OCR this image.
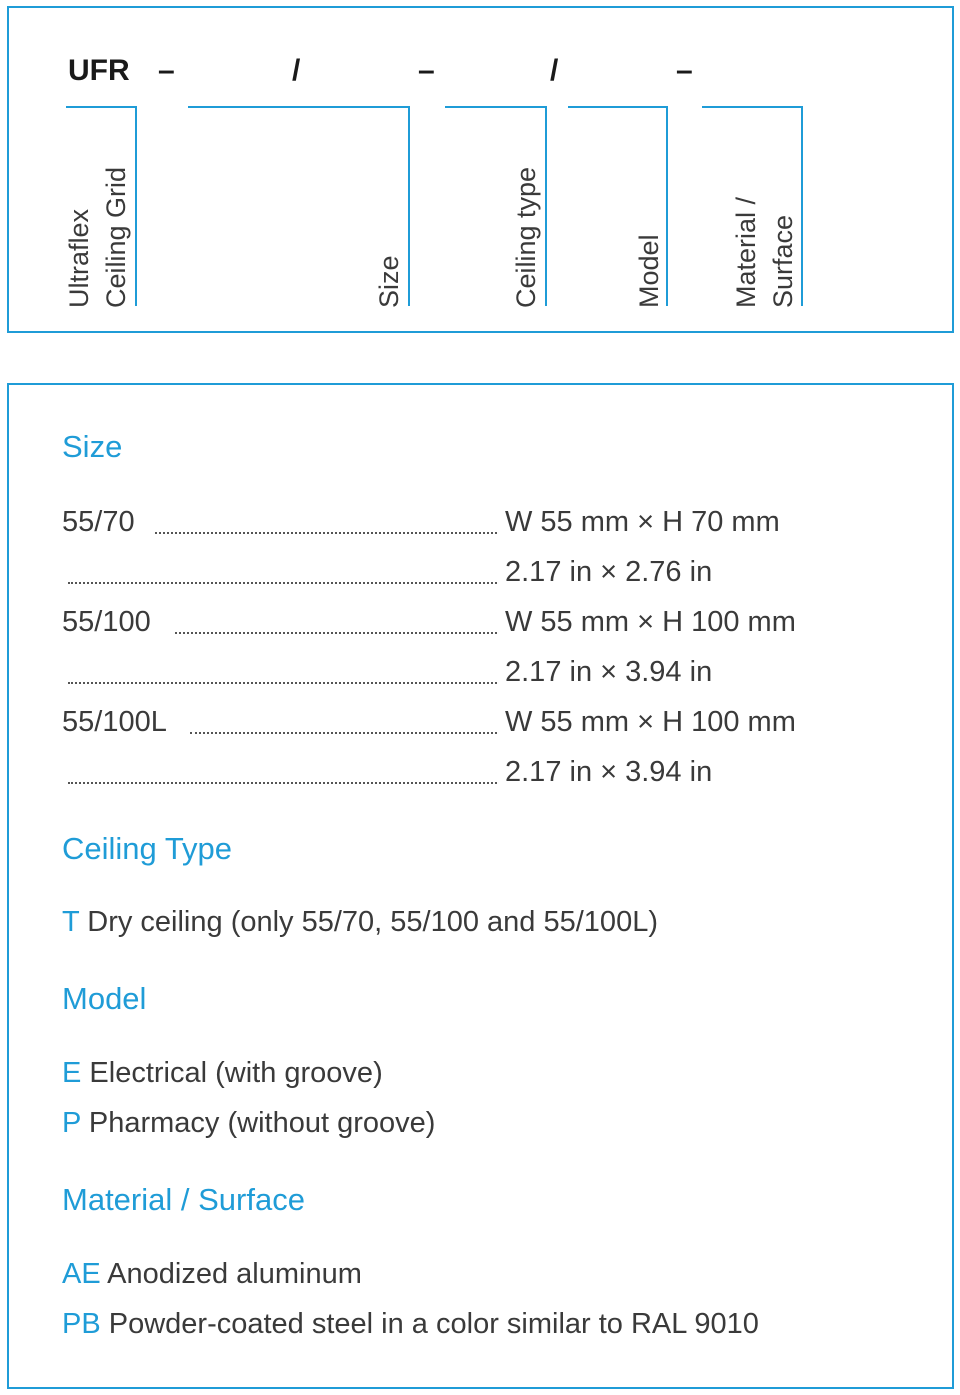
UFR –	/	–	/	–
Ultraflex Ceiling Grid	Size	Ceiling type	Model Material / Surface
Size
55/70	W 55 mm × H 70 mm
2.17 in × 2.76 in
55/100	W 55 mm × H 100 mm
2.17 in × 3.94 in
55/100L	W 55 mm × H 100 mm
2.17 in × 3.94 in
Ceiling Type
T Dry ceiling (only 55/70, 55/100 and 55/100L)
Model
E Electrical (with groove)
P Pharmacy (without groove)
Material / Surface
AE Anodized aluminum
PB Powder-coated steel in a color similar to RAL 9010
